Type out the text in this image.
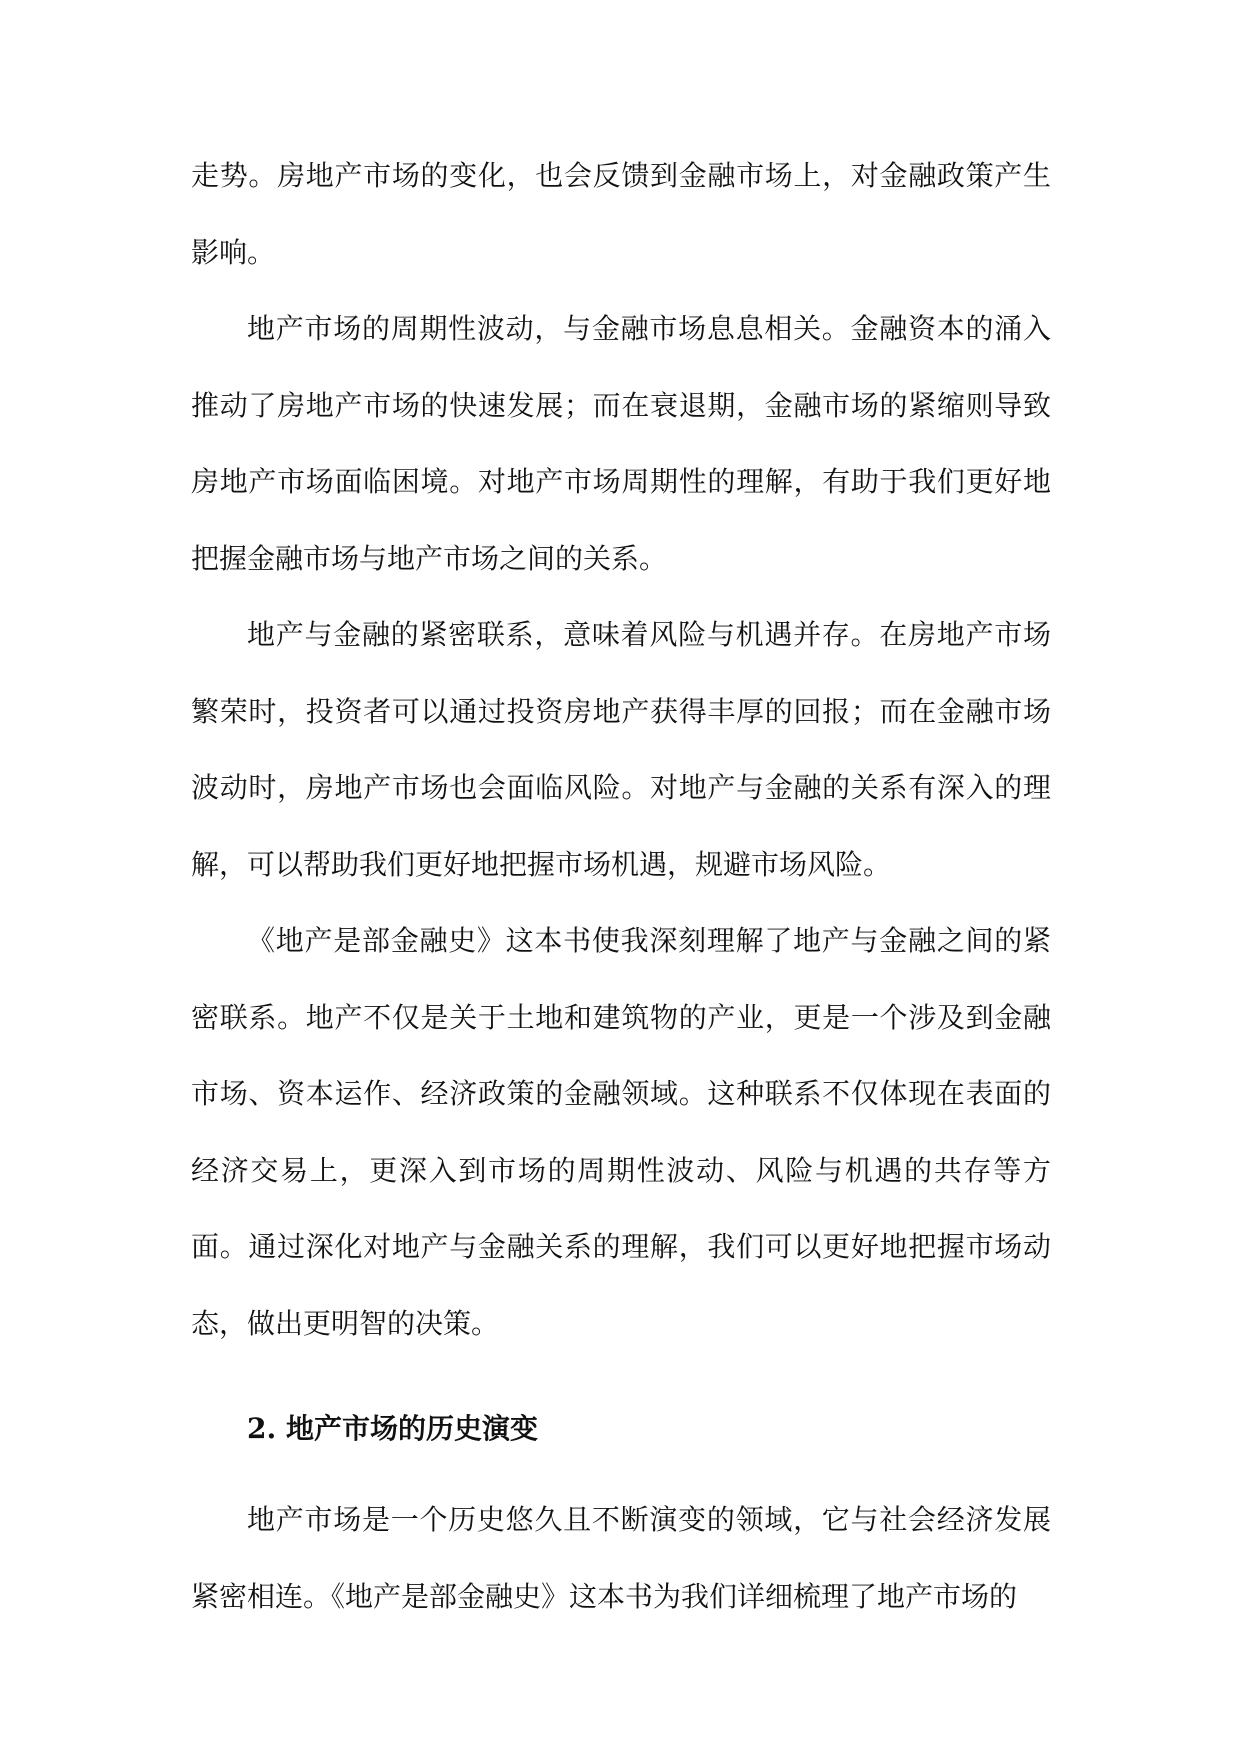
走势。房地产市场的变化，也会反馈到金融市场上，对金融政策产生影响。

地产市场的周期性波动，与金融市场息息相关。金融资本的涌入推动了房地产市场的快速发展；而在衰退期，金融市场的紧缩则导致房地产市场面临困境。对地产市场周期性的理解，有助于我们更好地把握金融市场与地产市场之间的关系。

地产与金融的紧密联系，意味着风险与机遇并存。在房地产市场繁荣时，投资者可以通过投资房地产获得丰厚的回报；而在金融市场波动时，房地产市场也会面临风险。对地产与金融的关系有深入的理解，可以帮助我们更好地把握市场机遇，规避市场风险。

《地产是部金融史》这本书使我深刻理解了地产与金融之间的紧密联系。地产不仅是关于土地和建筑物的产业，更是一个涉及到金融市场、资本运作、经济政策的金融领域。这种联系不仅体现在表面的经济交易上，更深入到市场的周期性波动、风险与机遇的共存等方面。通过深化对地产与金融关系的理解，我们可以更好地把握市场动态，做出更明智的决策。

2. 地产市场的历史演变

地产市场是一个历史悠久且不断演变的领域，它与社会经济发展紧密相连。《地产是部金融史》这本书为我们详细梳理了地产市场的
